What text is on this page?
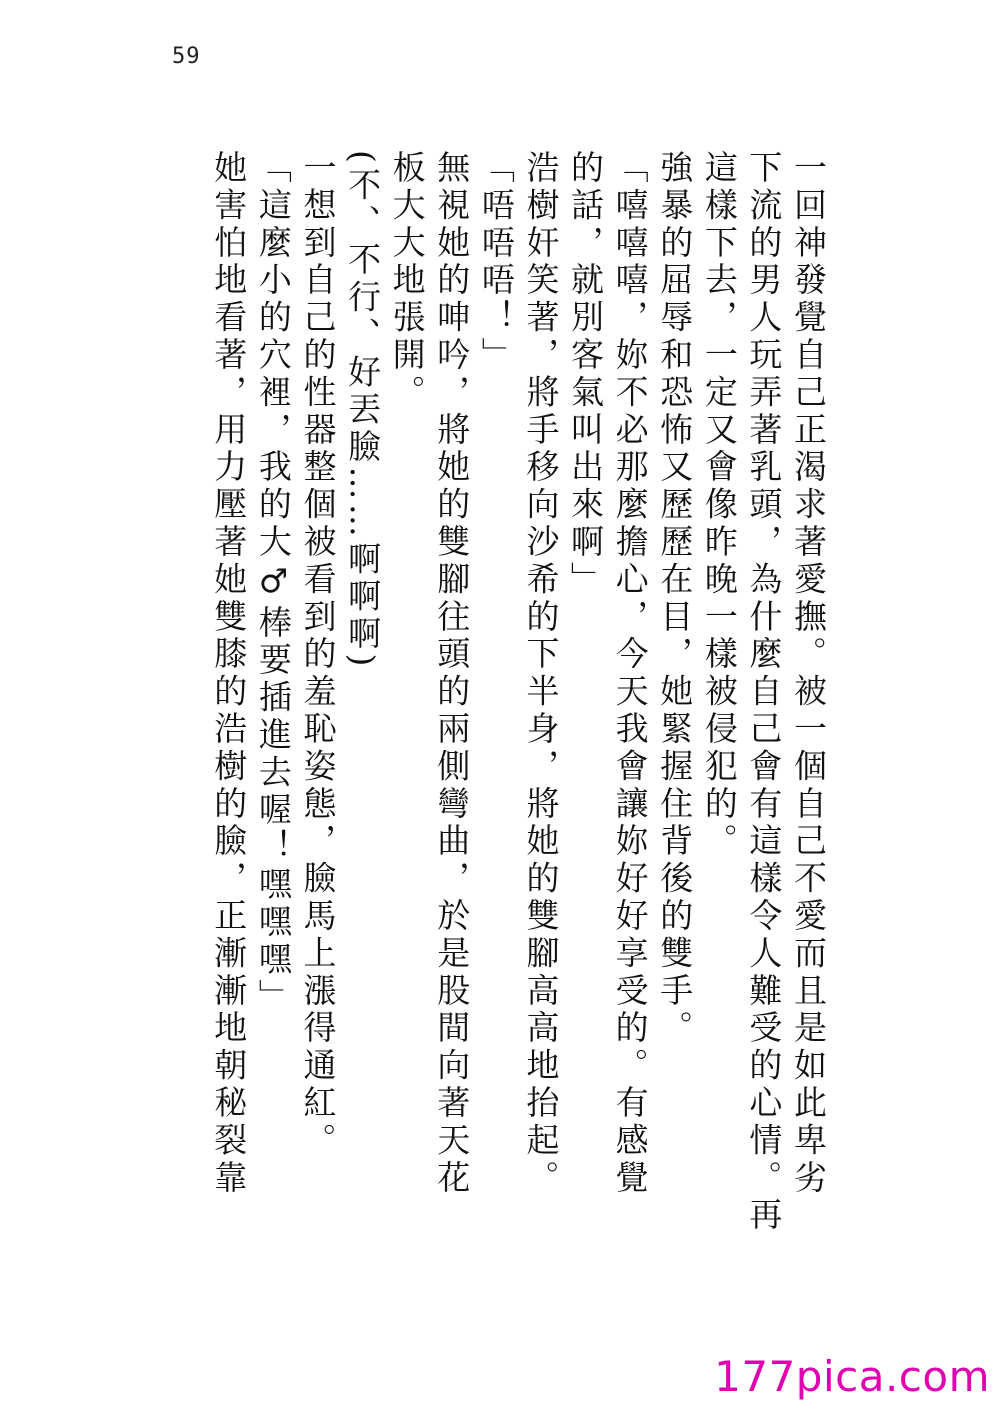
59
一回神發覺自己正渴求著愛撫。被一個自己不愛而且是如此卑劣
下流的男人玩弄著乳頭，為什麼自己會有這樣令人難受的心情。再
這樣下去，一定又會像昨晚一樣被侵犯的。
強暴的屈辱和恐怖又歷歷在目，她緊握住背後的雙手。
「嘻嘻嘻，妳不必那麼擔心，今天我會讓妳好好享受的。有感覺
的話，就別客氣叫出來啊」
浩樹奸笑著，將手移向沙希的下半身，將她的雙腳高高地抬起。
「唔唔唔！」
無視她的呻吟，將她的雙腳往頭的兩側彎曲，於是股間向著天花
板大大地張開。
(不、不行、好丟臉……啊啊啊)
一想到自己的性器整個被看到的羞恥姿態，臉馬上漲得通紅。
「這麼小的穴裡，我的大♂棒要插進去喔！嘿嘿嘿」
她害怕地看著，用力壓著她雙膝的浩樹的臉，正漸漸地朝秘裂靠
177pica.com
